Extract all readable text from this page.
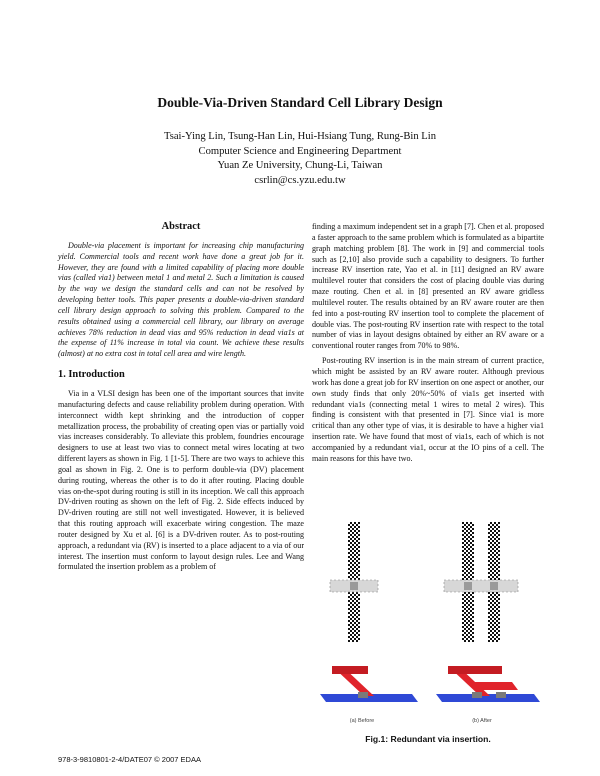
Double-Via-Driven Standard Cell Library Design
Tsai-Ying Lin, Tsung-Han Lin, Hui-Hsiang Tung, Rung-Bin Lin
Computer Science and Engineering Department
Yuan Ze University, Chung-Li, Taiwan
csrlin@cs.yzu.edu.tw
Abstract

Double-via placement is important for increasing chip manufacturing yield. Commercial tools and recent work have done a great job for it. However, they are found with a limited capability of placing more double vias (called via1) between metal 1 and metal 2. Such a limitation is caused by the way we design the standard cells and can not be resolved by developing better tools. This paper presents a double-via-driven standard cell library design approach to solving this problem. Compared to the results obtained using a commercial cell library, our library on average achieves 78% reduction in dead vias and 95% reduction in dead via1s at the expense of 11% increase in total via count. We achieve these results (almost) at no extra cost in total cell area and wire length.

1. Introduction

Via in a VLSI design has been one of the important sources that invite manufacturing defects and cause reliability problem during operation. With interconnect width kept shrinking and the introduction of copper metallization process, the probability of creating open vias or partially void vias increases considerably. To alleviate this problem, foundries encourage designers to use at least two vias to connect metal wires locating at two different layers as shown in Fig. 1 [1-5]. There are two ways to achieve this goal as shown in Fig. 2. One is to perform double-via (DV) placement during routing, whereas the other is to do it after routing. Placing double vias on-the-spot during routing is still in its inception. We call this approach DV-driven routing as shown on the left of Fig. 2. Side effects induced by DV-driven routing are still not well investigated. However, it is believed that this routing approach will exacerbate wiring congestion. The maze router designed by Xu et al. [6] is a DV-driven router. As to post-routing approach, a redundant via (RV) is inserted to a place adjacent to a via of our interest. The insertion must conform to layout design rules. Lee and Wang formulated the insertion problem as a problem of

finding a maximum independent set in a graph [7]. Chen et al. proposed a faster approach to the same problem which is formulated as a bipartite graph matching problem [8]. The work in [9] and commercial tools such as [2,10] also provide such a capability to designers. To further increase RV insertion rate, Yao et al. in [11] designed an RV aware multilevel router that considers the cost of placing double vias during maze routing. Chen et al. in [8] presented an RV aware gridless multilevel router. The results obtained by an RV aware router are then fed into a post-routing RV insertion tool to complete the placement of double vias. The post-routing RV insertion rate with respect to the total number of vias in layout designs obtained by either an RV aware or a conventional router ranges from 70% to 98%.

Post-routing RV insertion is in the main stream of current practice, which might be assisted by an RV aware router. Although previous work has done a great job for RV insertion on one aspect or another, our own study finds that only 20%~50% of via1s get inserted with redundant via1s (connecting metal 1 wires to metal 2 wires). This finding is consistent with that presented in [7]. Since via1 is more critical than any other type of vias, it is desirable to have a higher via1 insertion rate. We have found that most of via1s, each of which is not accompanied by a redundant via1, occur at the IO pins of a cell. The main reasons for this have two.

(a) Before	(b) After
Fig.1: Redundant via insertion.
978-3-9810801-2-4/DATE07 © 2007 EDAA
